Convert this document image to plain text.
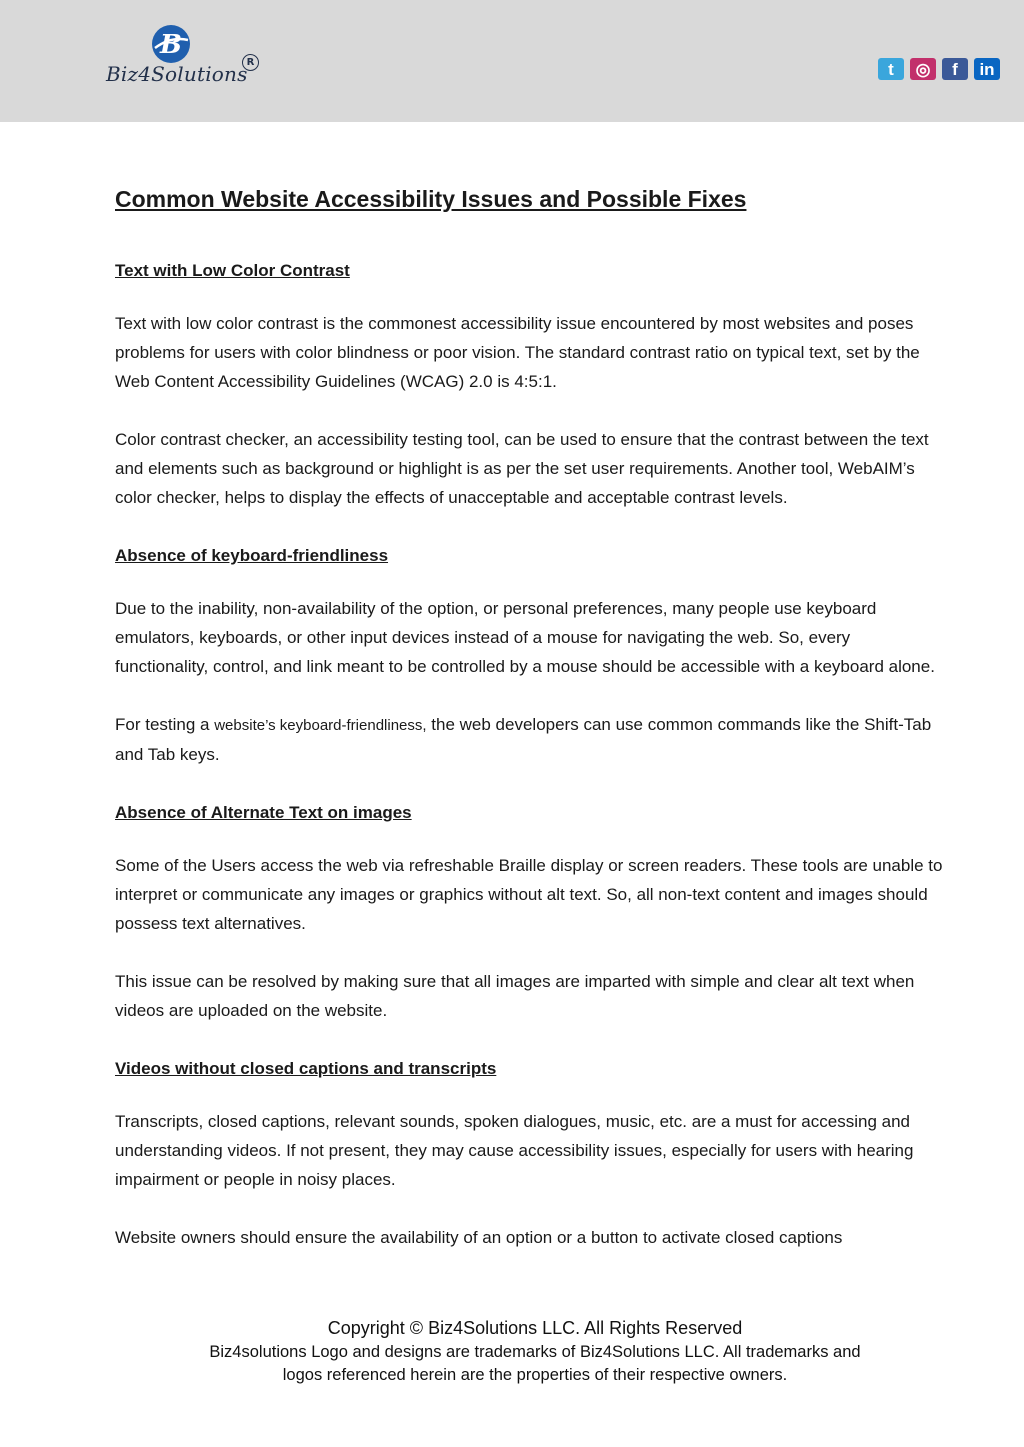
B
Biz4Solutions R	t	◎	f	in
Common Website Accessibility Issues and Possible Fixes
Text with Low Color Contrast

Text with low color contrast is the commonest accessibility issue encountered by most websites and poses problems for users with color blindness or poor vision. The standard contrast ratio on typical text, set by the Web Content Accessibility Guidelines (WCAG) 2.0 is 4:5:1.

Color contrast checker, an accessibility testing tool, can be used to ensure that the contrast between the text and elements such as background or highlight is as per the set user requirements. Another tool, WebAIM’s color checker, helps to display the effects of unacceptable and acceptable contrast levels.

Absence of keyboard-friendliness

Due to the inability, non-availability of the option, or personal preferences, many people use keyboard emulators, keyboards, or other input devices instead of a mouse for navigating the web. So, every functionality, control, and link meant to be controlled by a mouse should be accessible with a keyboard alone.

For testing a website’s keyboard-friendliness, the web developers can use common commands like the Shift-Tab and Tab keys.

Absence of Alternate Text on images

Some of the Users access the web via refreshable Braille display or screen readers. These tools are unable to interpret or communicate any images or graphics without alt text. So, all non-text content and images should possess text alternatives.

This issue can be resolved by making sure that all images are imparted with simple and clear alt text when videos are uploaded on the website.

Videos without closed captions and transcripts

Transcripts, closed captions, relevant sounds, spoken dialogues, music, etc. are a must for accessing and understanding videos. If not present, they may cause accessibility issues, especially for users with hearing impairment or people in noisy places.

Website owners should ensure the availability of an option or a button to activate closed captions

Copyright © Biz4Solutions LLC. All Rights Reserved
Biz4solutions Logo and designs are trademarks of Biz4Solutions LLC. All trademarks and
logos referenced herein are the properties of their respective owners.
